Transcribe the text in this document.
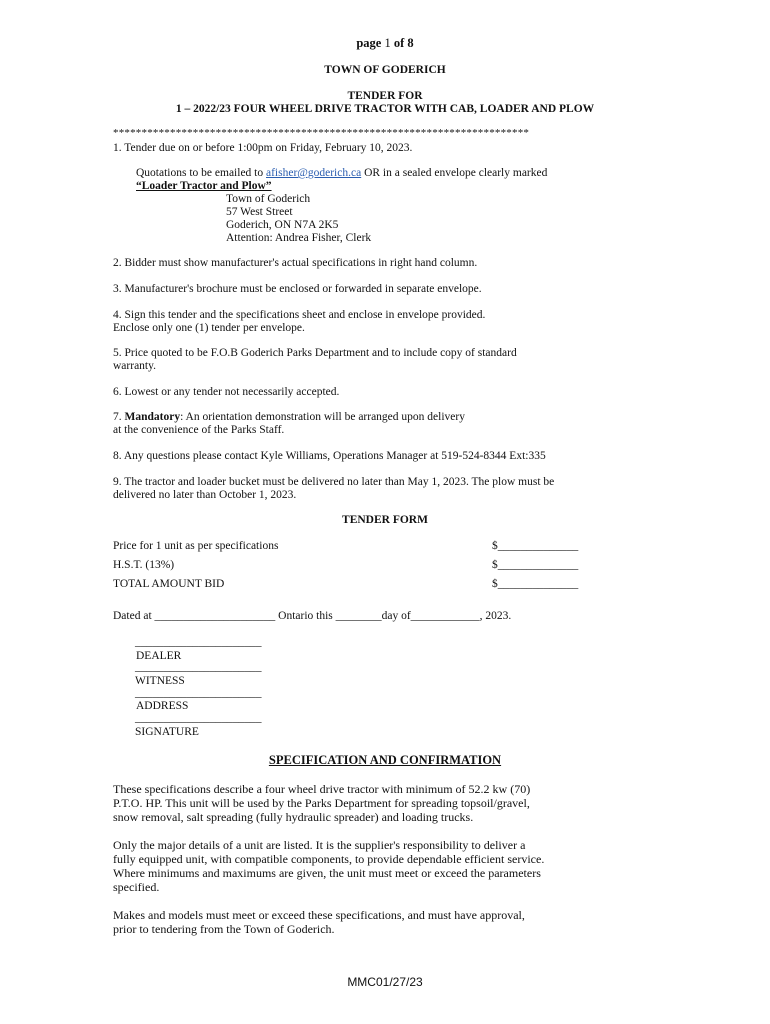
page 1 of 8
TOWN OF GODERICH
TENDER FOR
1 – 2022/23 FOUR WHEEL DRIVE TRACTOR WITH CAB, LOADER AND PLOW
*************************************************************************
1. Tender due on or before 1:00pm on Friday, February 10, 2023.
Quotations to be emailed to afisher@goderich.ca OR in a sealed envelope clearly marked
“Loader Tractor and Plow”
Town of Goderich
57 West Street
Goderich, ON N7A 2K5
Attention: Andrea Fisher, Clerk
2. Bidder must show manufacturer's actual specifications in right hand column.
3. Manufacturer's brochure must be enclosed or forwarded in separate envelope.
4. Sign this tender and the specifications sheet and enclose in envelope provided.
Enclose only one (1) tender per envelope.
5. Price quoted to be F.O.B Goderich Parks Department and to include copy of standard
warranty.
6. Lowest or any tender not necessarily accepted.
7. Mandatory: An orientation demonstration will be arranged upon delivery
at the convenience of the Parks Staff.
8. Any questions please contact Kyle Williams, Operations Manager at 519-524-8344 Ext:335
9. The tractor and loader bucket must be delivered no later than May 1, 2023. The plow must be
delivered no later than October 1, 2023.
TENDER FORM
Price for 1 unit as per specifications	$______________
H.S.T. (13%)	$______________
TOTAL AMOUNT BID	$______________
Dated at _____________________ Ontario this ________day of____________, 2023.
______________________
DEALER
______________________
WITNESS
______________________
ADDRESS
______________________
SIGNATURE
SPECIFICATION AND CONFIRMATION
These specifications describe a four wheel drive tractor with minimum of 52.2 kw (70)
P.T.O. HP. This unit will be used by the Parks Department for spreading topsoil/gravel,
snow removal, salt spreading (fully hydraulic spreader) and loading trucks.
Only the major details of a unit are listed. It is the supplier's responsibility to deliver a
fully equipped unit, with compatible components, to provide dependable efficient service.
Where minimums and maximums are given, the unit must meet or exceed the parameters
specified.
Makes and models must meet or exceed these specifications, and must have approval,
prior to tendering from the Town of Goderich.
MMC01/27/23
